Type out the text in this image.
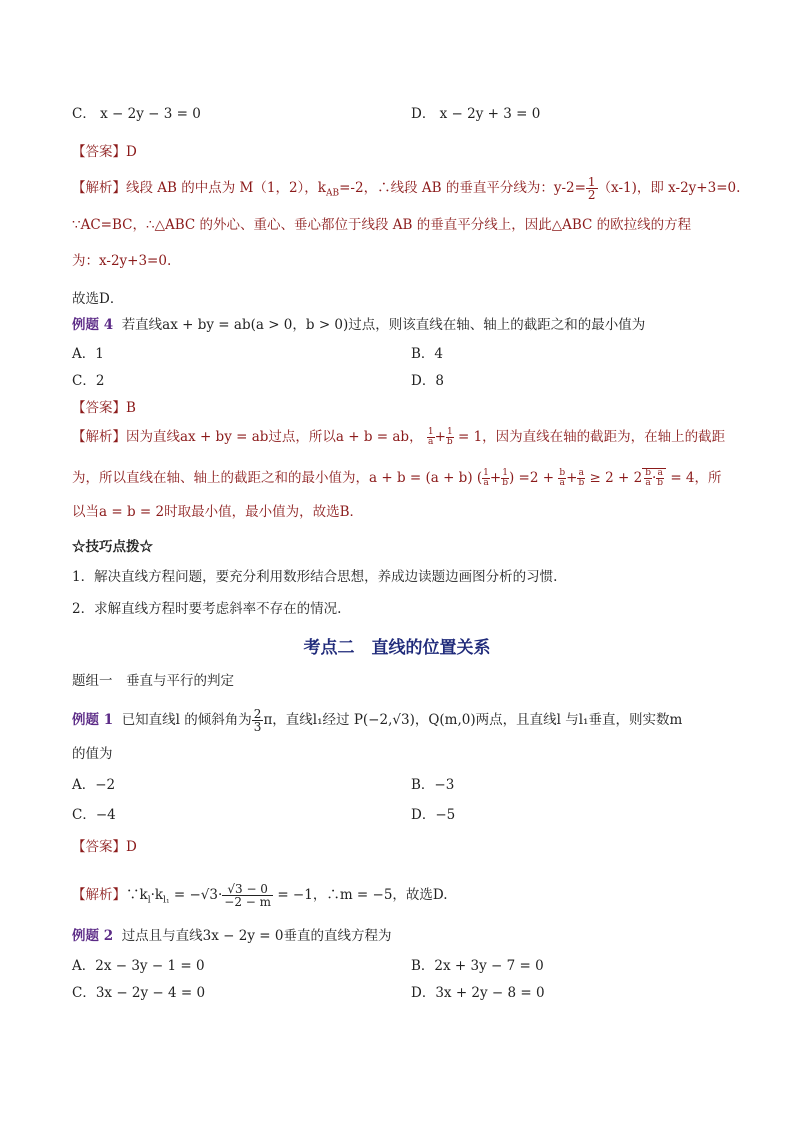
C． x − 2y − 3 = 0	D． x − 2y + 3 = 0
【答案】D
【解析】线段 AB 的中点为 M（1，2），$k_{AB}=-2$，∴线段 AB 的垂直平分线为：$y-2= \frac{1}{2} (x-1)$，即 x-2y+3=0.
∵AC=BC，∴△ABC 的外心、重心、垂心都位于线段 AB 的垂直平分线上，因此△ABC 的欧拉线的方程
为：x-2y+3=0.
故选D．
例题 4 若直线ax + by = ab(a > 0，b > 0)过点，则该直线在轴、轴上的截距之和的最小值为
A．1	B．4
C．2	D．8
【答案】B
【解析】因为直线ax + by = ab过点，所以a + b = ab， $\frac{1}{a} + \frac{1}{b} = 1$，因为直线在轴的截距为，在轴上的截距
为，所以直线在轴、轴上的截距之和的最小值为，a + b = (a + b) ( $\frac{1}{a} + \frac{1}{b}$ ) $=2 + \frac{b}{a} + \frac{a}{b} \ge 2 + 2 \frac{b}{a} \cdot \frac{a}{b} = 4$，所
以当a = b = 2时取最小值，最小值为，故选B．
☆技巧点拨☆
1．解决直线方程问题，要充分利用数形结合思想，养成边读题边画图分析的习惯.
2．求解直线方程时要考虑斜率不存在的情况.
考点二　直线的位置关系
题组一　垂直与平行的判定
例题 1 已知直线l 的倾斜角为 $\frac{2}{3}$ π，直线l₁经过 P(−2,√3)，Q(m,0)两点，且直线l 与l₁垂直，则实数m
的值为
A．−2	B．−3
C．−4	D．−5
【答案】D
【解析】$\because k_l\cdot k_{l_1} = -√3\cdot \frac{√3 - 0}{-2 - m} = -1$，∴m = −5，故选D.
例题 2 过点且与直线3x − 2y = 0垂直的直线方程为
A．2x − 3y − 1 = 0	B．2x + 3y − 7 = 0
C．3x − 2y − 4 = 0	D．3x + 2y − 8 = 0
